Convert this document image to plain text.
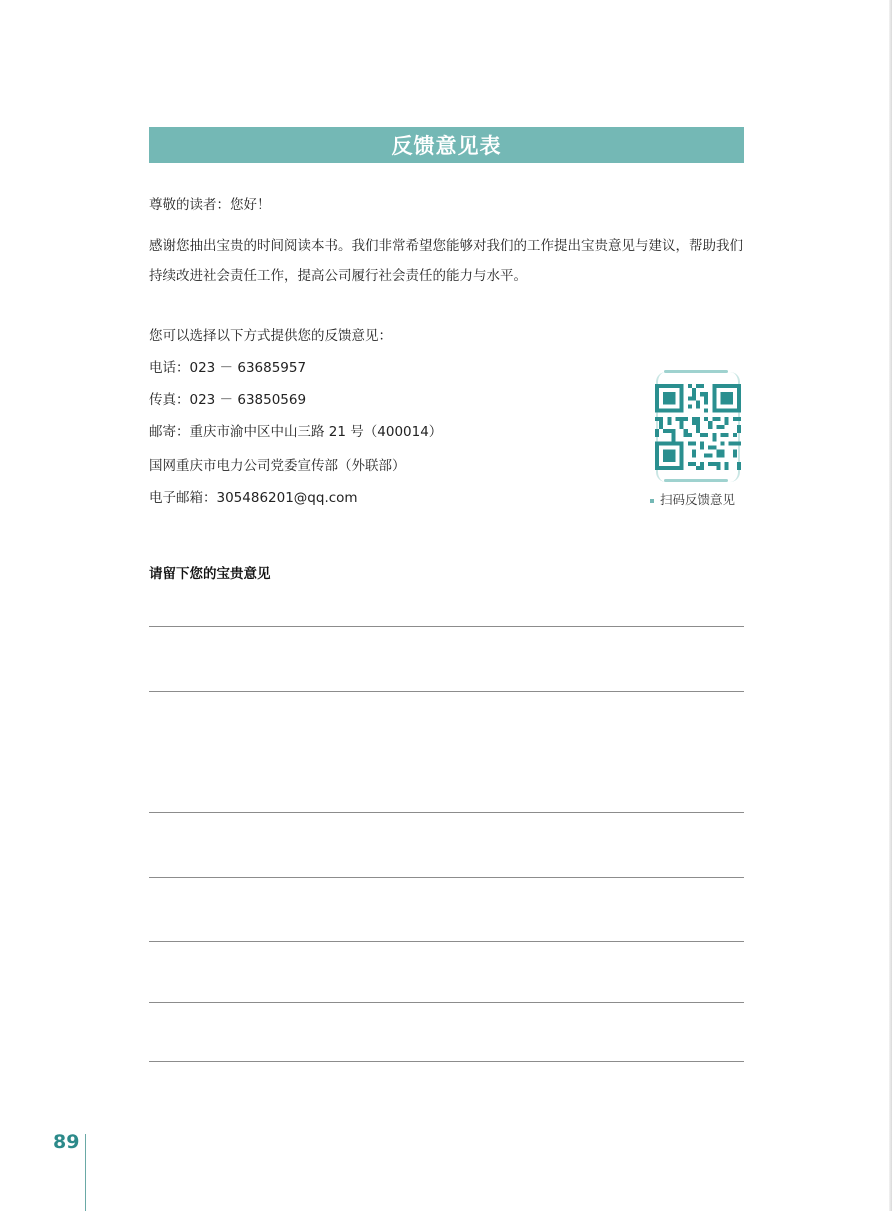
反馈意见表
尊敬的读者：您好！
感谢您抽出宝贵的时间阅读本书。我们非常希望您能够对我们的工作提出宝贵意见与建议，帮助我们持续改进社会责任工作，提高公司履行社会责任的能力与水平。
您可以选择以下方式提供您的反馈意见：
电话：023 － 63685957
传真：023 － 63850569
邮寄：重庆市渝中区中山三路 21 号（400014）
国网重庆市电力公司党委宣传部（外联部）
电子邮箱：305486201@qq.com	扫码反馈意见
请留下您的宝贵意见
89
